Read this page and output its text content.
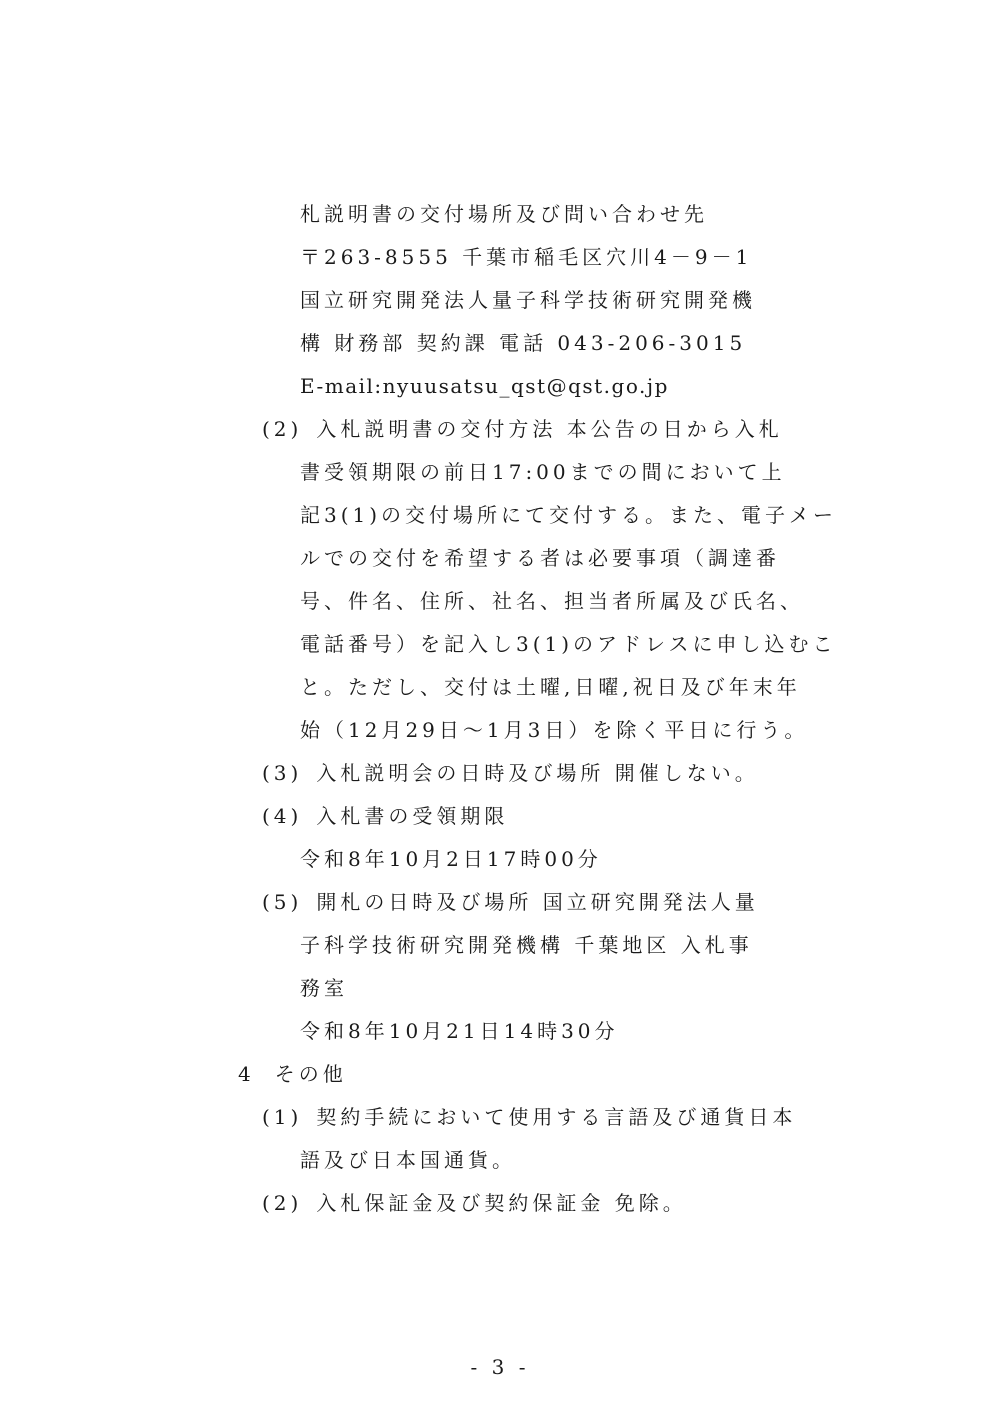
札説明書の交付場所及び問い合わせ先
〒263-8555 千葉市稲毛区穴川4－9－1
国立研究開発法人量子科学技術研究開発機
構 財務部 契約課 電話 043-206-3015
E-mail:nyuusatsu_qst@qst.go.jp
(2) 入札説明書の交付方法 本公告の日から入札
書受領期限の前日17:00までの間において上
記3(1)の交付場所にて交付する。また、電子メー
ルでの交付を希望する者は必要事項（調達番
号、件名、住所、社名、担当者所属及び氏名、
電話番号）を記入し3(1)のアドレスに申し込むこ
と。ただし、交付は土曜,日曜,祝日及び年末年
始（12月29日～1月3日）を除く平日に行う。
(3) 入札説明会の日時及び場所 開催しない。
(4) 入札書の受領期限
令和8年10月2日17時00分
(5) 開札の日時及び場所 国立研究開発法人量
子科学技術研究開発機構 千葉地区 入札事
務室
令和8年10月21日14時30分
4 その他
(1) 契約手続において使用する言語及び通貨日本
語及び日本国通貨。
(2) 入札保証金及び契約保証金 免除。
- 3 -
